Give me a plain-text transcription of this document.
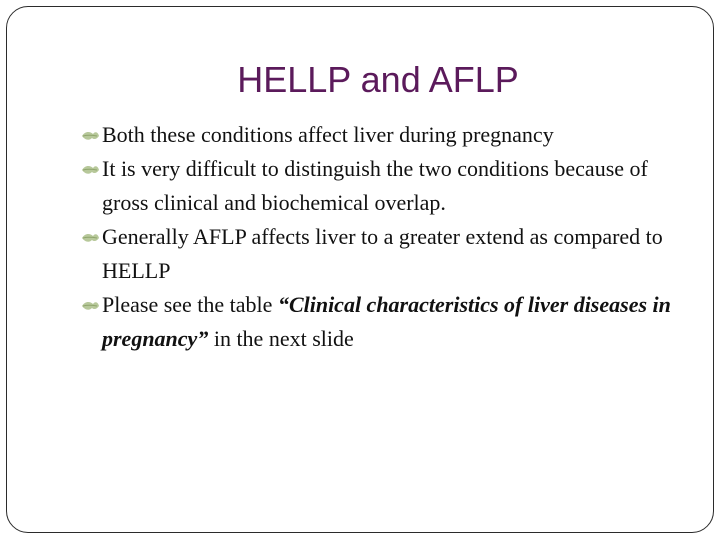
HELLP and AFLP
Both these conditions affect liver during pregnancy
It is very difficult to distinguish the two conditions because of gross clinical and biochemical overlap.
Generally AFLP affects liver to a greater extend as compared to HELLP
Please see the table “Clinical characteristics of liver diseases in pregnancy” in the next slide
